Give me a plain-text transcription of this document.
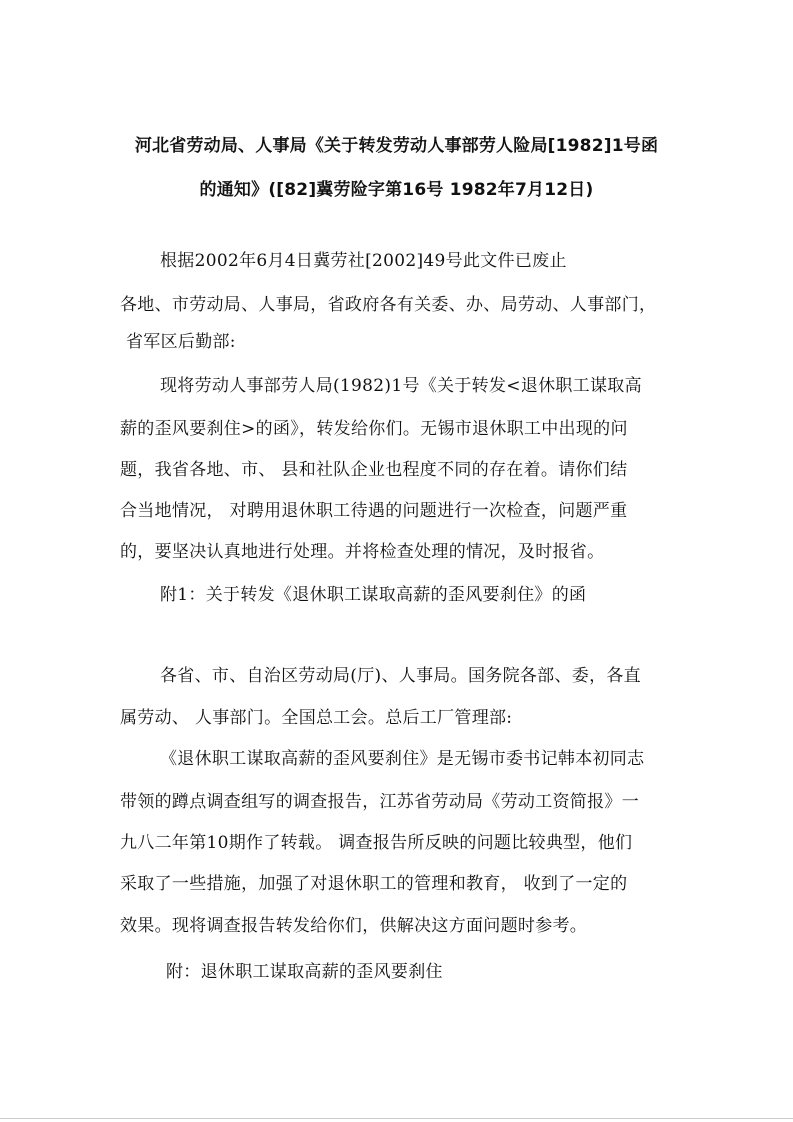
河北省劳动局、人事局《关于转发劳动人事部劳人险局[1982]1号函
的通知》([82]冀劳险字第16号 1982年7月12日)
根据2002年6月4日冀劳社[2002]49号此文件已废止
各地、市劳动局、人事局，省政府各有关委、办、局劳动、人事部门，
省军区后勤部:
现将劳动人事部劳人局(1982)1号《关于转发<退休职工谋取高
薪的歪风要刹住>的函》，转发给你们。无锡市退休职工中出现的问
题，我省各地、市、 县和社队企业也程度不同的存在着。请你们结
合当地情况， 对聘用退休职工待遇的问题进行一次检查，问题严重
的，要坚决认真地进行处理。并将检查处理的情况，及时报省。
附1：关于转发《退休职工谋取高薪的歪风要刹住》的函
各省、市、自治区劳动局(厅)、人事局。国务院各部、委，各直
属劳动、 人事部门。全国总工会。总后工厂管理部:
《退休职工谋取高薪的歪风要刹住》是无锡市委书记韩本初同志
带领的蹲点调查组写的调查报告，江苏省劳动局《劳动工资简报》一
九八二年第10期作了转载。 调查报告所反映的问题比较典型，他们
采取了一些措施，加强了对退休职工的管理和教育， 收到了一定的
效果。现将调查报告转发给你们，供解决这方面问题时参考。
附：退休职工谋取高薪的歪风要刹住
